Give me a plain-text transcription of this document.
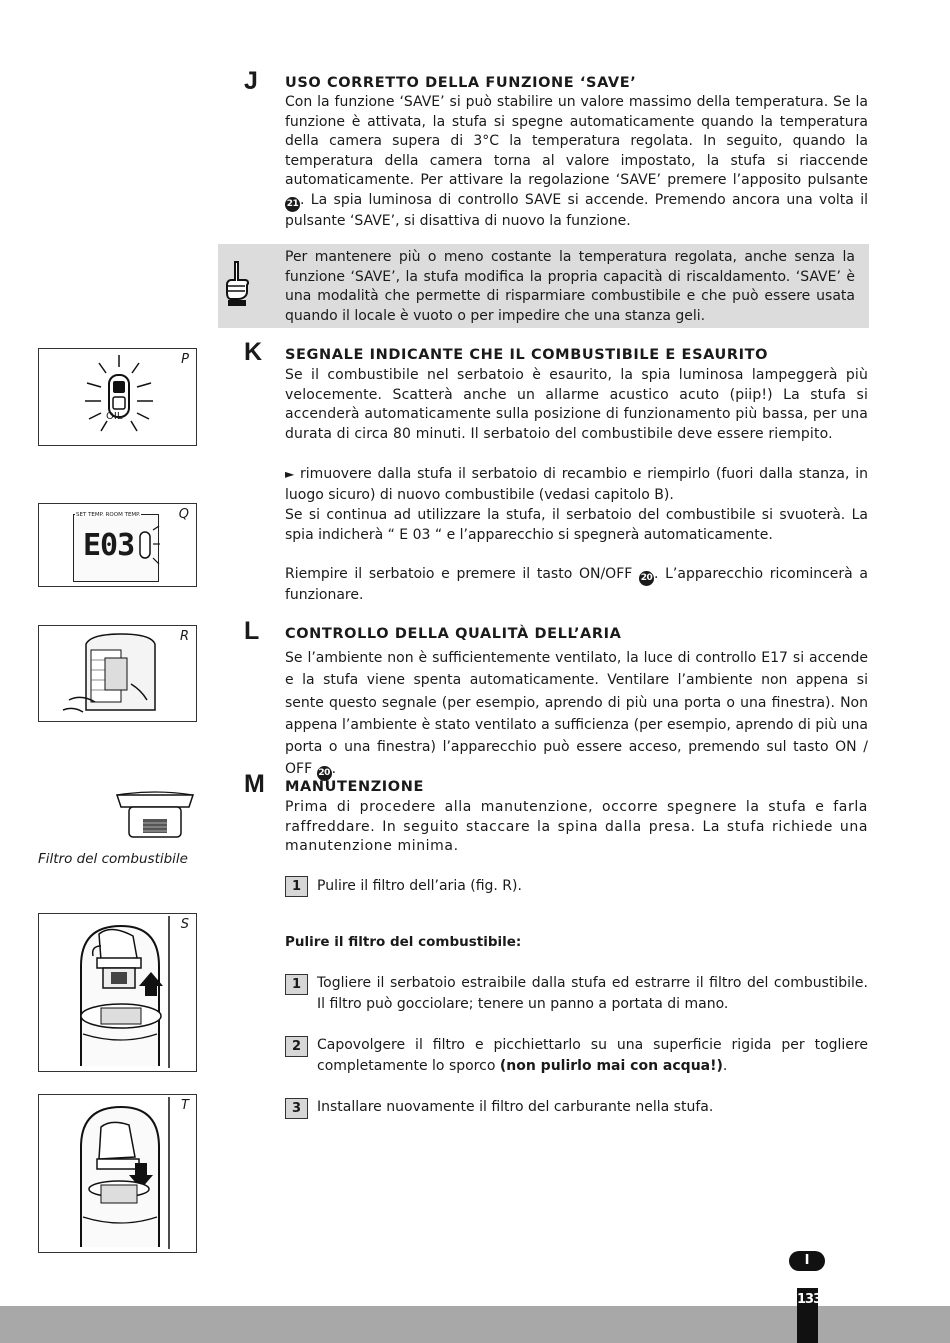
J USO CORRETTO DELLA FUNZIONE ‘SAVE’
Con la funzione ‘SAVE’ si può stabilire un valore massimo della temperatura. Se la funzione è attivata, la stufa si spegne automaticamente quando la temperatura della camera supera di 3°C la temperatura regolata. In seguito, quando la temperatura della camera torna al valore impostato, la stufa si riaccende automaticamente. Per attivare la regolazione ‘SAVE’ premere l’apposito pulsante 21 . La spia luminosa di controllo SAVE si accende. Premendo ancora una volta il pulsante ‘SAVE’, si disattiva di nuovo la funzione.
Per mantenere più o meno costante la temperatura regolata, anche senza la funzione ‘SAVE’, la stufa modifica la propria capacità di riscaldamento. ‘SAVE’ è una modalità che permette di risparmiare combustibile e che può essere usata quando il locale è vuoto o per impedire che una stanza geli.
K SEGNALE INDICANTE CHE IL COMBUSTIBILE E ESAURITO
Se il combustibile nel serbatoio è esaurito, la spia luminosa lampeggerà più velocemente. Scatterà anche un allarme acustico acuto (piip!) La stufa si accenderà automaticamente sulla posizione di funzionamento più bassa, per una durata di circa 80 minuti. Il serbatoio del combustibile deve essere riempito.
► rimuovere dalla stufa il serbatoio di recambio e riempirlo (fuori dalla stanza, in luogo sicuro) di nuovo combustibile (vedasi capitolo B).
Se si continua ad utilizzare la stufa, il serbatoio del combustibile si svuoterà. La spia indicherà “ E 03 “ e l’apparecchio si spegnerà automaticamente.
Riempire il serbatoio e premere il tasto ON/OFF 20 . L’apparecchio ricomincerà a funzionare.
L CONTROLLO DELLA QUALITÀ DELL’ARIA
Se l’ambiente non è sufficientemente ventilato, la luce di controllo E17 si accende e la stufa viene spenta automaticamente. Ventilare l’ambiente non appena si sente questo segnale (per esempio, aprendo di più una porta o una finestra). Non appena l’ambiente è stato ventilato a sufficienza (per esempio, aprendo di più una porta o una finestra) l’apparecchio può essere acceso, premendo sul tasto ON / OFF 20 .
M MANUTENZIONE
Prima di procedere alla manutenzione, occorre spegnere la stufa e farla raffreddare. In seguito staccare la spina dalla presa. La stufa richiede una manutenzione minima.
1	Pulire il filtro dell’aria (fig. R).
Pulire il filtro del combustibile:
1	Togliere il serbatoio estraibile dalla stufa ed estrarre il filtro del combustibile. Il filtro può gocciolare; tenere un panno a portata di mano.
2	Capovolgere il filtro e picchiettarlo su una superficie rigida per togliere completamente lo sporco (non pulirlo mai con acqua!).
3	Installare nuovamente il filtro del carburante nella stufa.
P
OIL
Q
SET TEMP. ROOM TEMP.
E03
R
Filtro del combustibile
S
T
I
133
